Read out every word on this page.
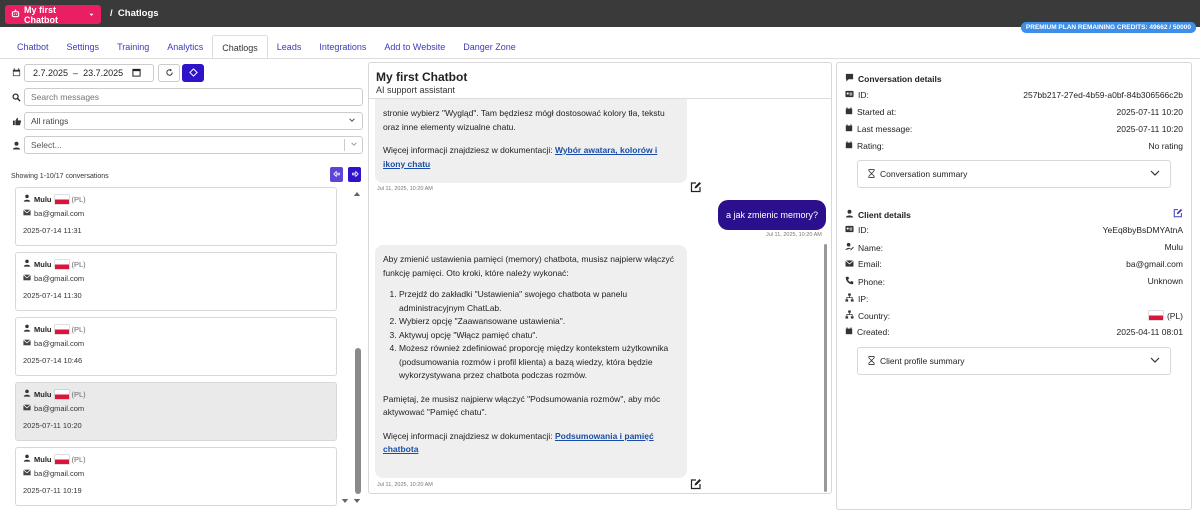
My first Chatbot
/ Chatlogs
PREMIUM PLAN REMAINING CREDITS: 49662 / 50000
Chatbot	Settings	Training	Analytics	Chatlogs	Leads	Integrations	Add to Website	Danger Zone
2.7.2025 – 23.7.2025
Search messages
All ratings
Select...
Showing 1-10/17 conversations
Mulu	(PL)
ba@gmail.com
2025-07-14 11:31
Mulu	(PL)
ba@gmail.com
2025-07-14 11:30
Mulu	(PL)
ba@gmail.com
2025-07-14 10:46
Mulu	(PL)
ba@gmail.com
2025-07-11 10:20
Mulu	(PL)
ba@gmail.com
2025-07-11 10:19
My first Chatbot
AI support assistant

stronie wybierz "Wygląd". Tam będziesz mógł dostosować kolory tła, tekstu oraz inne elementy wizualne chatu.

Więcej informacji znajdziesz w dokumentacji: Wybór awatara, kolorów i ikony chatu
Jul 11, 2025, 10:20 AM
a jak zmienic memory?
Jul 11, 2025, 10:20 AM

Aby zmienić ustawienia pamięci (memory) chatbota, musisz najpierw włączyć funkcję pamięci. Oto kroki, które należy wykonać:

1. Przejdź do zakładki "Ustawienia" swojego chatbota w panelu administracyjnym ChatLab.
2. Wybierz opcję "Zaawansowane ustawienia".
3. Aktywuj opcję "Włącz pamięć chatu".
4. Możesz również zdefiniować proporcję między kontekstem użytkownika (podsumowania rozmów i profil klienta) a bazą wiedzy, która będzie wykorzystywana przez chatbota podczas rozmów.

Pamiętaj, że musisz najpierw włączyć "Podsumowania rozmów", aby móc aktywować "Pamięć chatu".

Więcej informacji znajdziesz w dokumentacji: Podsumowania i pamięć chatbota
Jul 11, 2025, 10:20 AM
Conversation details
ID:	257bb217-27ed-4b59-a0bf-84b306566c2b
Started at:	2025-07-11 10:20
Last message:	2025-07-11 10:20
Rating:	No rating
Conversation summary
Client details
ID:	YeEq8byBsDMYAtnA
Name:	Mulu
Email:	ba@gmail.com
Phone:	Unknown
IP:
Country:	(PL)
Created:	2025-04-11 08:01
Client profile summary
